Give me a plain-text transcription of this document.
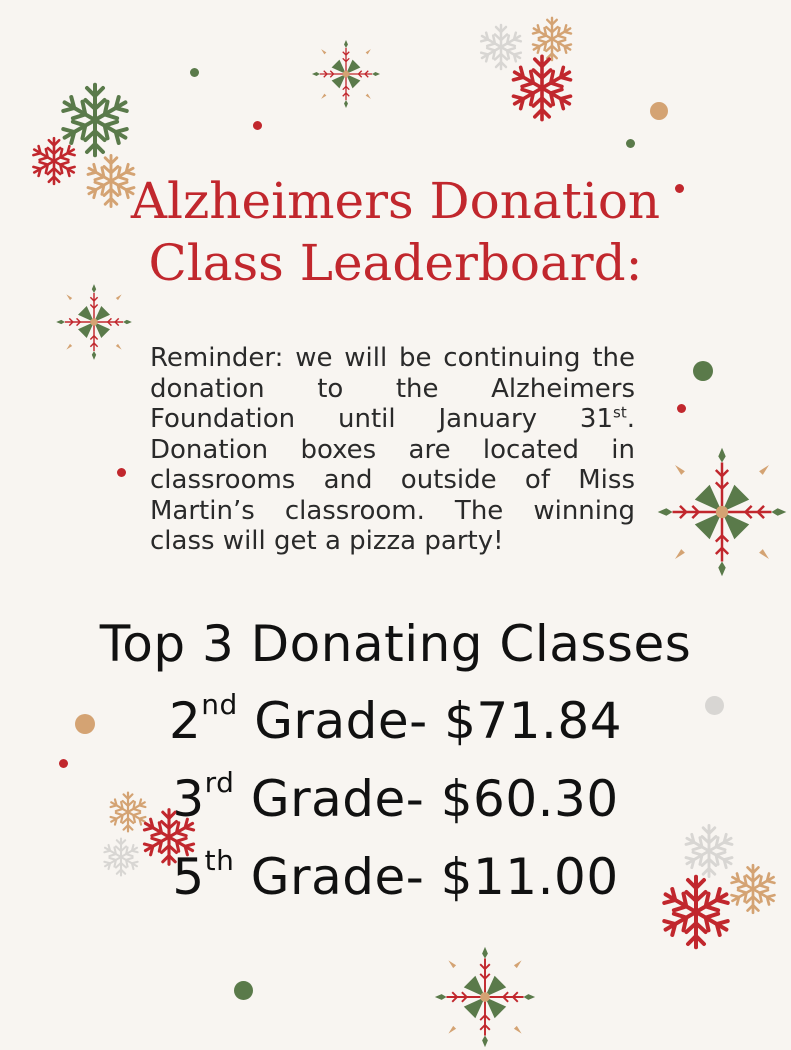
Alzheimers Donation
Class Leaderboard:

Reminder: we will be continuing the donation to the Alzheimers Foundation until January 31st. Donation boxes are located in classrooms and outside of Miss Martin’s classroom. The winning class will get a pizza party!

Top 3 Donating Classes
2nd Grade- $71.84
3rd Grade- $60.30
5th Grade- $11.00
